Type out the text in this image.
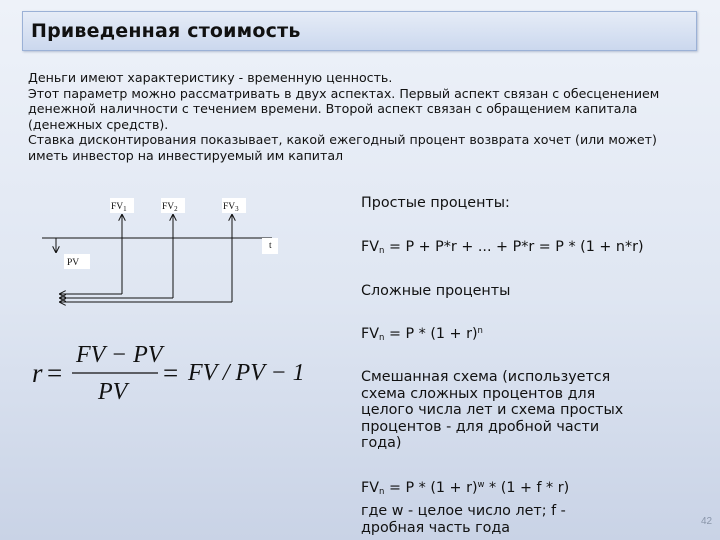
Приведенная стоимость

Деньги имеют характеристику - временную ценность.

Этот параметр можно рассматривать в двух аспектах. Первый аспект связан с обесценением денежной наличности с течением времени. Второй аспект связан с обращением капитала (денежных средств).

Ставка дисконтирования показывает, какой ежегодный процент возврата хочет (или может) иметь инвестор на инвестируемый им капитал

$FV_1$	$FV_2$	$FV_3$
t
PV
r =
FV − PV
PV
= FV / PV − 1

Простые проценты:

$FV_n = P + P*r$ + ... + P*r = P * (1 + n*r)

Сложные проценты

$FV_n = P * (1 + r)^n$

Смешанная схема (используется
схема сложных процентов для
целого числа лет и схема простых
процентов - для дробной части
года)

$FV_n = P * (1 + r)^w * (1 + f * r)$

где w - целое число лет; f -
дробная часть года	42
